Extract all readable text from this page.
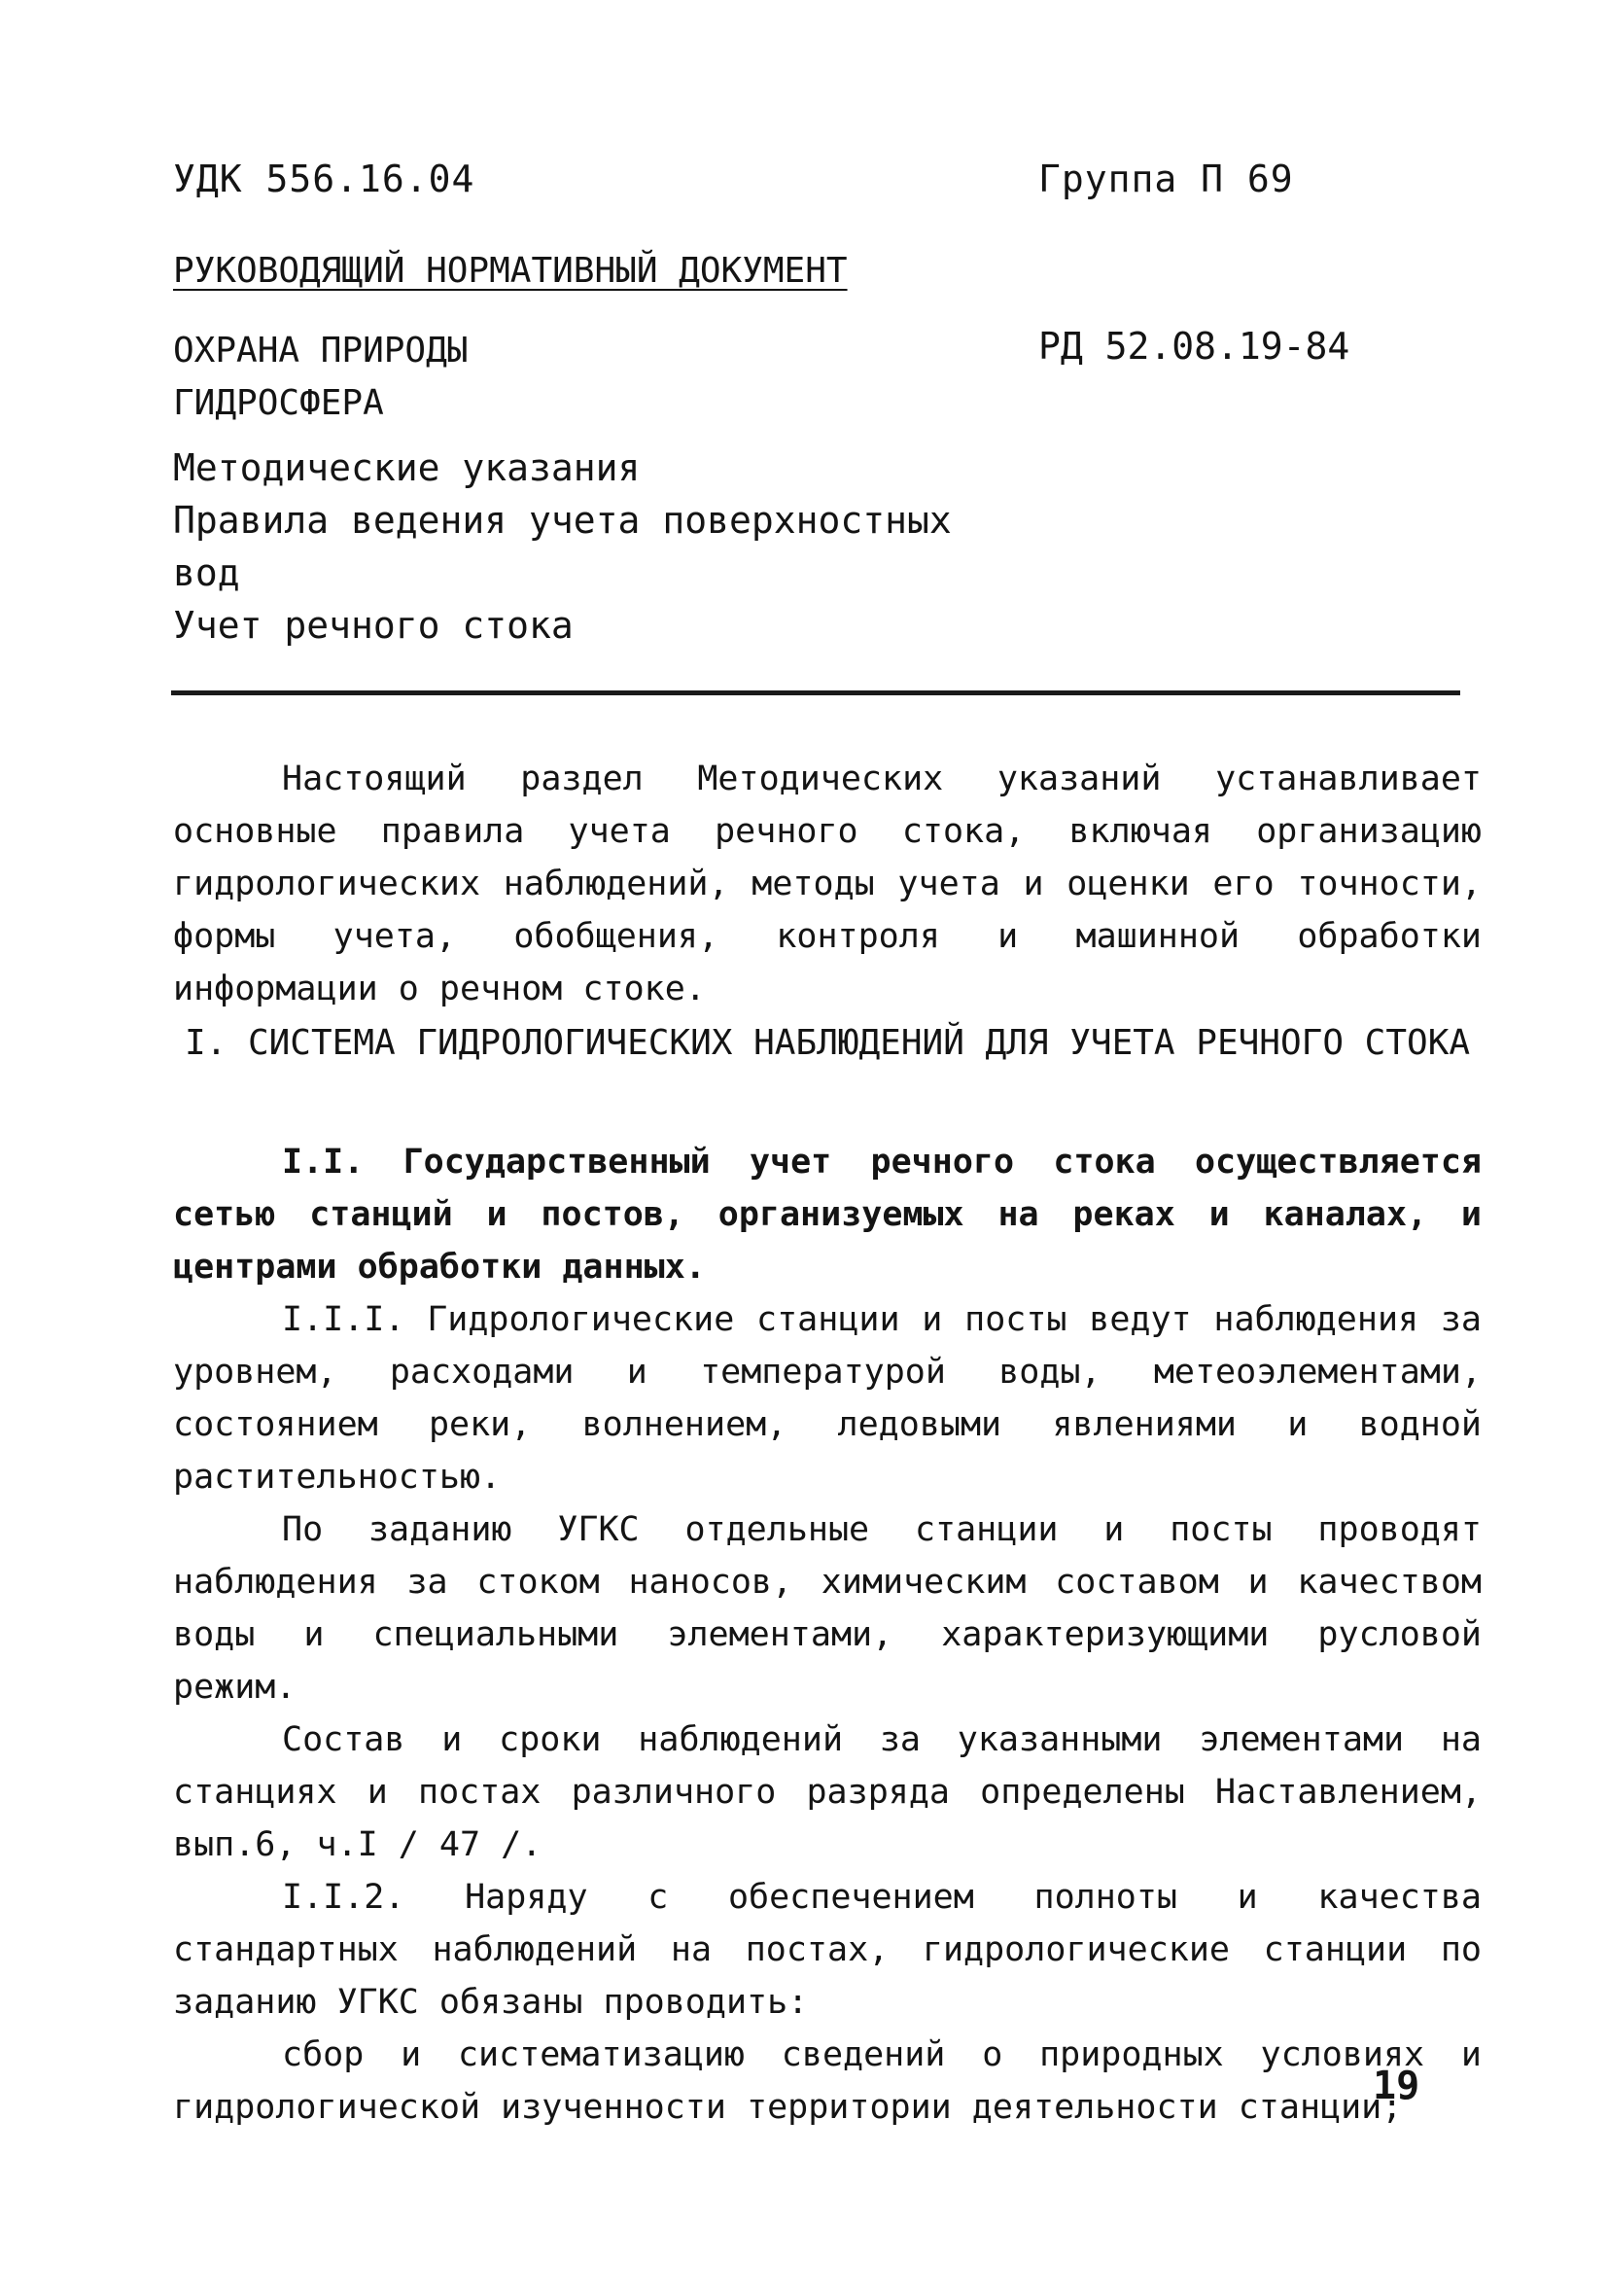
УДК 556.16.04	Группа П 69
РУКОВОДЯЩИЙ НОРМАТИВНЫЙ ДОКУМЕНТ
ОХРАНА ПРИРОДЫ
ГИДРОСФЕРА
РД 52.08.19-84
Методические указания
Правила ведения учета поверхностных
вод
Учет речного стока

Настоящий раздел Методических указаний устанавливает основные правила учета речного стока, включая организацию гидрологических наблюдений, методы учета и оценки его точности, формы учета, обобщения, контроля и машинной обработки информации о речном стоке.

I. СИСТЕМА ГИДРОЛОГИЧЕСКИХ НАБЛЮДЕНИЙ ДЛЯ УЧЕТА РЕЧНОГО СТОКА

I.I. Государственный учет речного стока осуществляется сетью станций и постов, организуемых на реках и каналах, и центрами обработки данных.

I.I.I. Гидрологические станции и посты ведут наблюдения за уровнем, расходами и температурой воды, метеоэлементами, состоянием реки, волнением, ледовыми явлениями и водной растительностью.

По заданию УГКС отдельные станции и посты проводят наблюдения за стоком наносов, химическим составом и качеством воды и специальными элементами, характеризующими русловой режим.

Состав и сроки наблюдений за указанными элементами на станциях и постах различного разряда определены Наставлением, вып.6, ч.I / 47 /.

I.I.2. Наряду с обеспечением полноты и качества стандартных наблюдений на постах, гидрологические станции по заданию УГКС обязаны проводить:

сбор и систематизацию сведений о природных условиях и гидрологической изученности территории деятельности станции;

19
